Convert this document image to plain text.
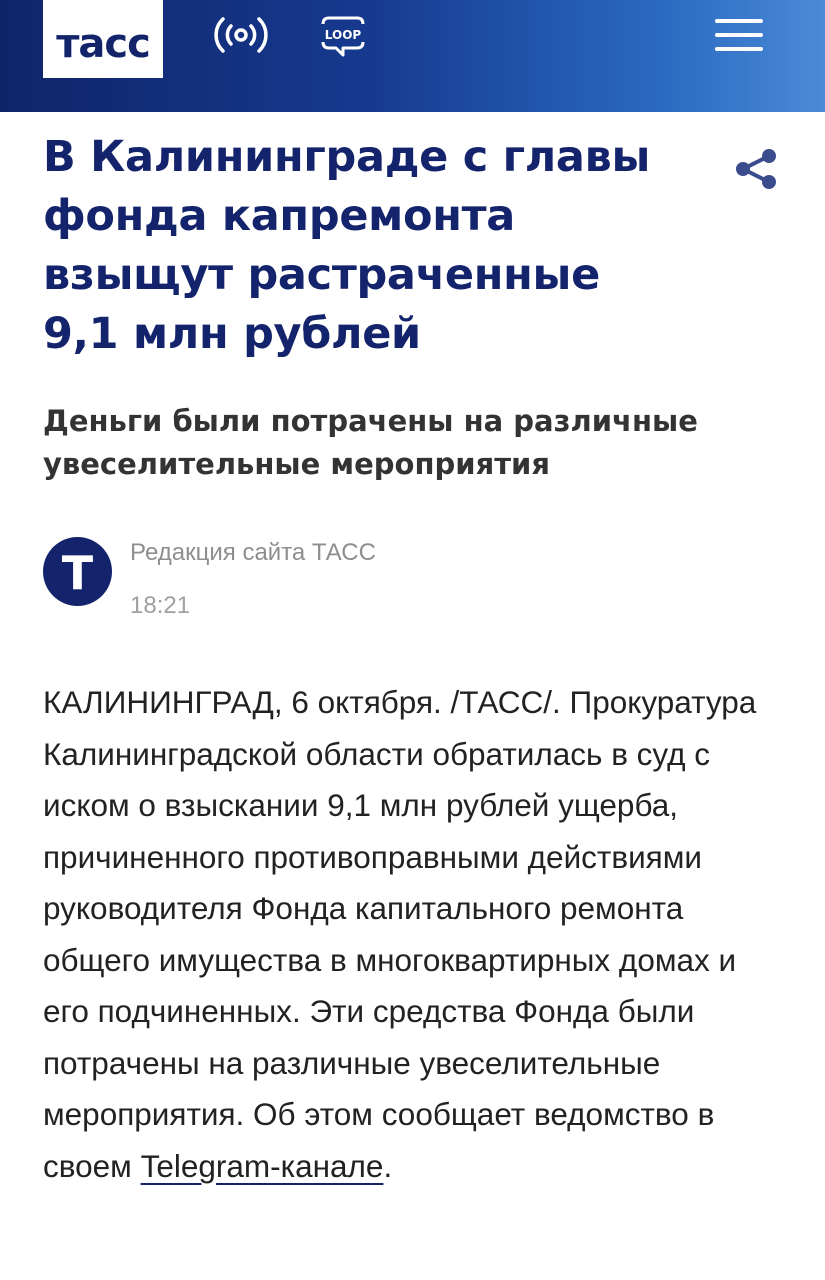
тасс	LOOP
В Калининграде с главы фонда капремонта взыщут растраченные 9,1 млн рублей

Деньги были потрачены на различные увеселительные мероприятия

Т Редакция сайта ТАСС
18:21

КАЛИНИНГРАД, 6 октября. /ТАСС/. Прокуратура Калининградской области обратилась в суд с иском о взыскании 9,1 млн рублей ущерба, причиненного противоправными действиями руководителя Фонда капитального ремонта общего имущества в многоквартирных домах и его подчиненных. Эти средства Фонда были потрачены на различные увеселительные мероприятия. Об этом сообщает ведомство в своем Telegram-канале.
